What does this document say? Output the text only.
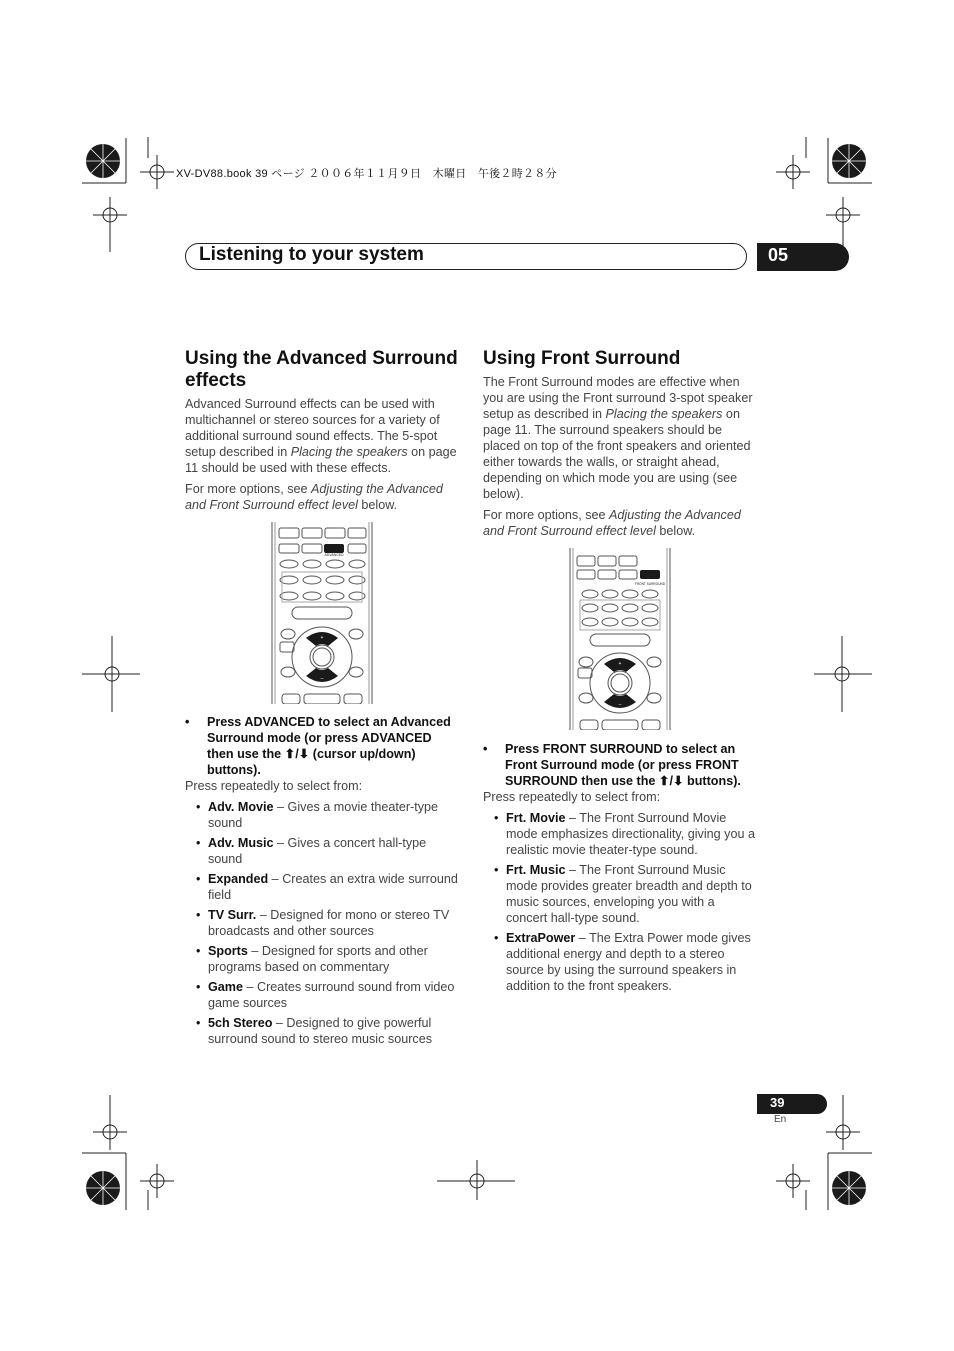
XV-DV88.book 39 ページ ２００６年１１月９日　木曜日　午後２時２８分
Listening to your system	05
Using the Advanced Surround effects

Advanced Surround effects can be used with multichannel or stereo sources for a variety of additional surround sound effects. The 5-spot setup described in Placing the speakers on page 11 should be used with these effects.

For more options, see Adjusting the Advanced and Front Surround effect level below.

ADVANCED
+
–

• Press ADVANCED to select an Advanced Surround mode (or press ADVANCED then use the ⬆/⬇ (cursor up/down) buttons).

Press repeatedly to select from:

• Adv. Movie – Gives a movie theater-type sound
• Adv. Music – Gives a concert hall-type sound
• Expanded – Creates an extra wide surround field
• TV Surr. – Designed for mono or stereo TV broadcasts and other sources
• Sports – Designed for sports and other programs based on commentary
• Game – Creates surround sound from video game sources
• 5ch Stereo – Designed to give powerful surround sound to stereo music sources
Using Front Surround

The Front Surround modes are effective when you are using the Front surround 3-spot speaker setup as described in Placing the speakers on page 11. The surround speakers should be placed on top of the front speakers and oriented either towards the walls, or straight ahead, depending on which mode you are using (see below).

For more options, see Adjusting the Advanced and Front Surround effect level below.

FRONT SURROUND
+
–

• Press FRONT SURROUND to select an Front Surround mode (or press FRONT SURROUND then use the ⬆/⬇ buttons).

Press repeatedly to select from:

• Frt. Movie – The Front Surround Movie mode emphasizes directionality, giving you a realistic movie theater-type sound.
• Frt. Music – The Front Surround Music mode provides greater breadth and depth to music sources, enveloping you with a concert hall-type sound.
• ExtraPower – The Extra Power mode gives additional energy and depth to a stereo source by using the surround speakers in addition to the front speakers.
39
En
